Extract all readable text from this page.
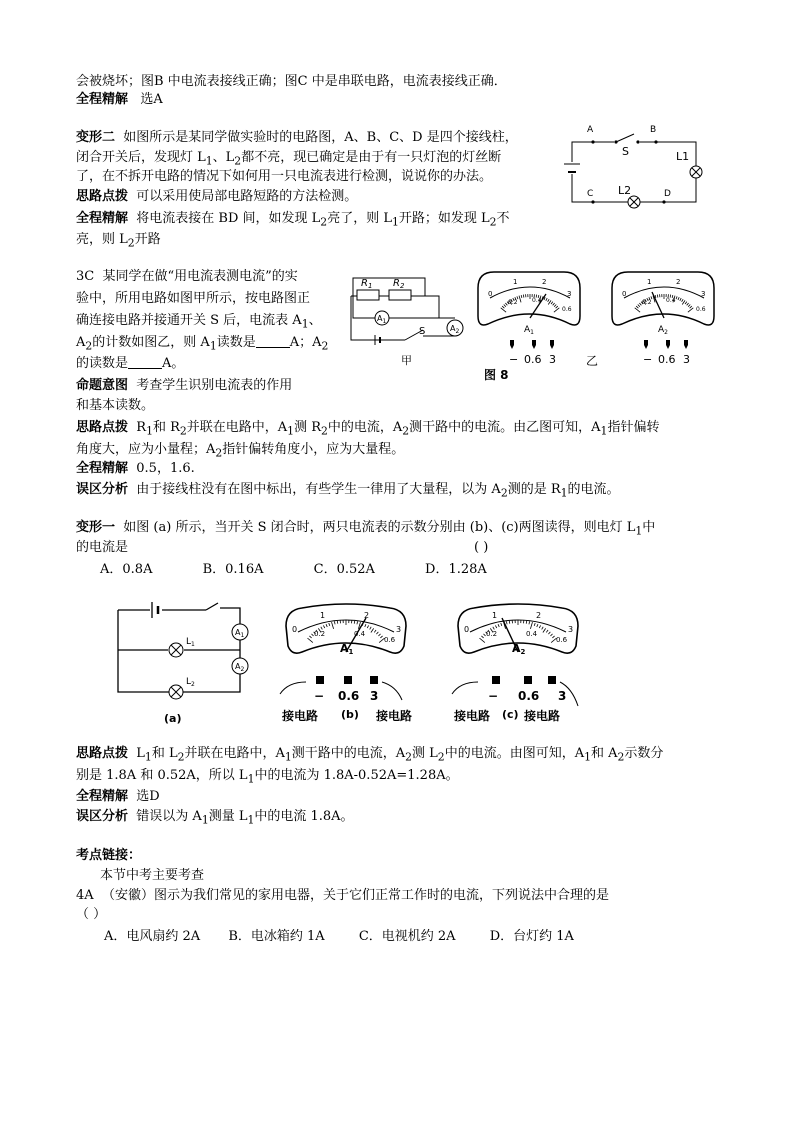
会被烧坏；图B 中电流表接线正确；图C 中是串联电路，电流表接线正确．
全程精解 选A
变形二 如图所示是某同学做实验时的电路图，A、B、C、D 是四个接线柱，
闭合开关后，发现灯 $L_1$、$L_2$都不亮，现已确定是由于有一只灯泡的灯丝断
了，在不拆开电路的情况下如何用一只电流表进行检测，说说你的办法。
思路点拨 可以采用使局部电路短路的方法检测。
全程精解 将电流表接在 BD 间，如发现 $L_2$亮了，则 $L_1$开路；如发现 $L_2$不
亮，则 $L_2$开路
A	B
C	D
S	L1
L2
3C 某同学在做“用电流表测电流”的实
验中，所用电路如图甲所示，按电路图正
确连接电路并接通开关 S 后，电流表 $A_1$、
$A_2$的计数如图乙，则 $A_1$读数是	A；$A_2$
的读数是	A。
命题意图 考查学生识别电流表的作用
和基本读数。
思路点拨 $R_1$和 $R_2$并联在电路中，$A_1$测 $R_2$中的电流，$A_2$测干路中的电流。由乙图可知，$A_1$指针偏转
角度大，应为小量程；$A_2$指针偏转角度小，应为大量程。
全程精解 0.5，1.6.
误区分析 由于接线柱没有在图中标出，有些学生一律用了大量程，以为 $A_2$测的是 $R_1$的电流。
$R_1$ $R_2$
$A_1$
$A_2$
S
甲
0
1	2
3
0.2 0.4
0.6
$A_1$
− 0.6 3
0
1	2
3
0.2 0.4
0.6
$A_2$
− 0.6 3
图 8
乙
变形一 如图 (a) 所示，当开关 S 闭合时，两只电流表的示数分别由 (b)、(c)两图读得，则电灯 $L_1$中
的电流是	( )
A．0.8A	B．0.16A	C．0.52A	D．1.28A
$L_1$
$L_2$
$A_1$
$A_2$
(a)
0
1	2
3
0.2	0.4
0.6
A1
− 0.6 3
接电路 (b) 接电路
0
1	2
3
0.2	0.4
0.6
A2
− 0.6 3
接电路 (c) 接电路
思路点拨 $L_1$和 $L_2$并联在电路中，$A_1$测干路中的电流，$A_2$测 $L_2$中的电流。由图可知，$A_1$和 $A_2$示数分
别是 1.8A 和 0.52A，所以 $L_1$中的电流为 1.8A-0.52A=1.28A。
全程精解 选D
误区分析 错误以为 $A_1$测量 $L_1$中的电流 1.8A。
考点链接：
本节中考主要考查
4A （安徽）图示为我们常见的家用电器，关于它们正常工作时的电流，下列说法中合理的是
（ ）
A．电风扇约 2A B．电冰箱约 1A	C．电视机约 2A	D．台灯约 1A
